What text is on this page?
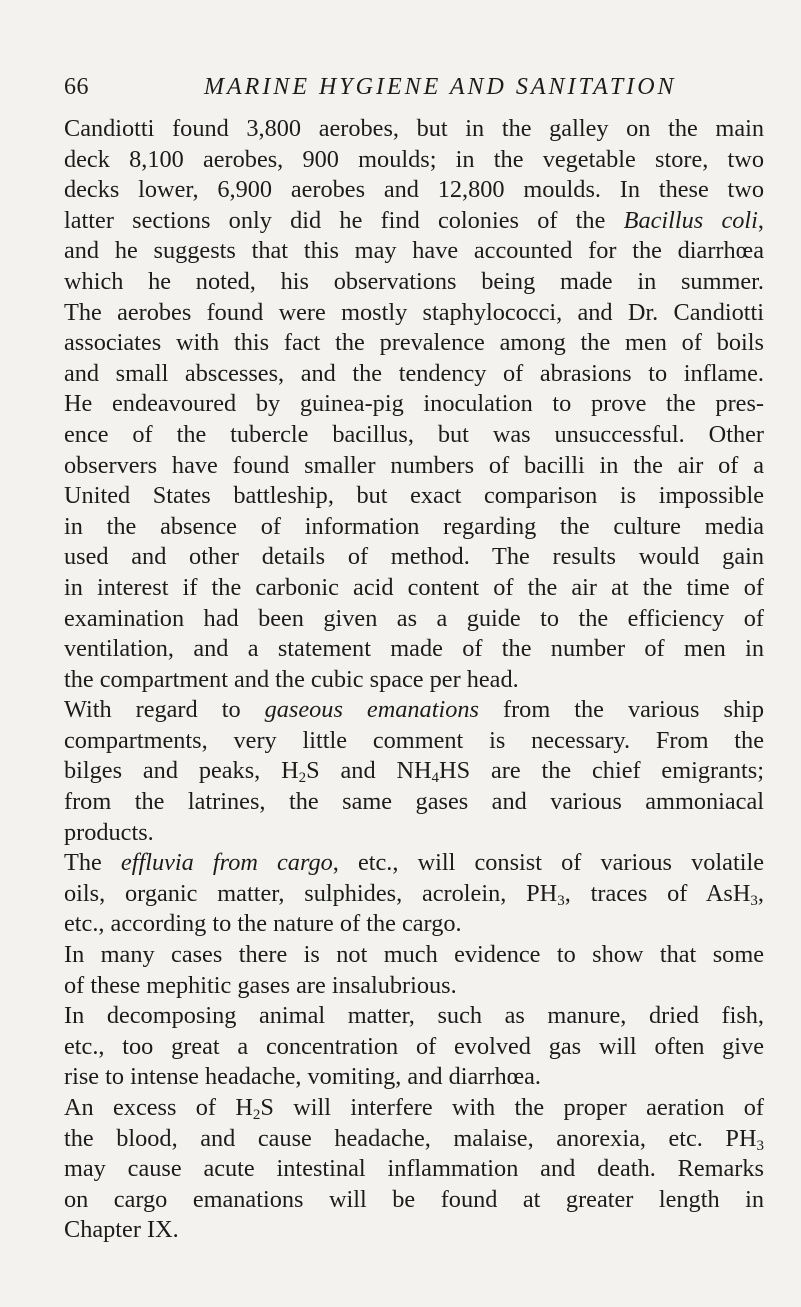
66	MARINE HYGIENE AND SANITATION
Candiotti found 3,800 aerobes, but in the galley on the main
deck 8,100 aerobes, 900 moulds; in the vegetable store, two
decks lower, 6,900 aerobes and 12,800 moulds. In these two
latter sections only did he find colonies of the Bacillus coli,
and he suggests that this may have accounted for the diarrhœa
which he noted, his observations being made in summer.
The aerobes found were mostly staphylococci, and Dr. Candiotti
associates with this fact the prevalence among the men of boils
and small abscesses, and the tendency of abrasions to inflame.
He endeavoured by guinea-pig inoculation to prove the pres-
ence of the tubercle bacillus, but was unsuccessful. Other
observers have found smaller numbers of bacilli in the air of a
United States battleship, but exact comparison is impossible
in the absence of information regarding the culture media
used and other details of method. The results would gain
in interest if the carbonic acid content of the air at the time of
examination had been given as a guide to the efficiency of
ventilation, and a statement made of the number of men in
the compartment and the cubic space per head.
With regard to gaseous emanations from the various ship
compartments, very little comment is necessary. From the
bilges and peaks, $H_2S$ and $NH_4HS$ are the chief emigrants;
from the latrines, the same gases and various ammoniacal
products.
The effluvia from cargo, etc., will consist of various volatile
oils, organic matter, sulphides, acrolein, $PH_3$, traces of AsH$_3$,
etc., according to the nature of the cargo.
In many cases there is not much evidence to show that some
of these mephitic gases are insalubrious.
In decomposing animal matter, such as manure, dried fish,
etc., too great a concentration of evolved gas will often give
rise to intense headache, vomiting, and diarrhœa.
An excess of $H_2S$ will interfere with the proper aeration of
the blood, and cause headache, malaise, anorexia, etc. $PH_3$
may cause acute intestinal inflammation and death. Remarks
on cargo emanations will be found at greater length in
Chapter IX.
